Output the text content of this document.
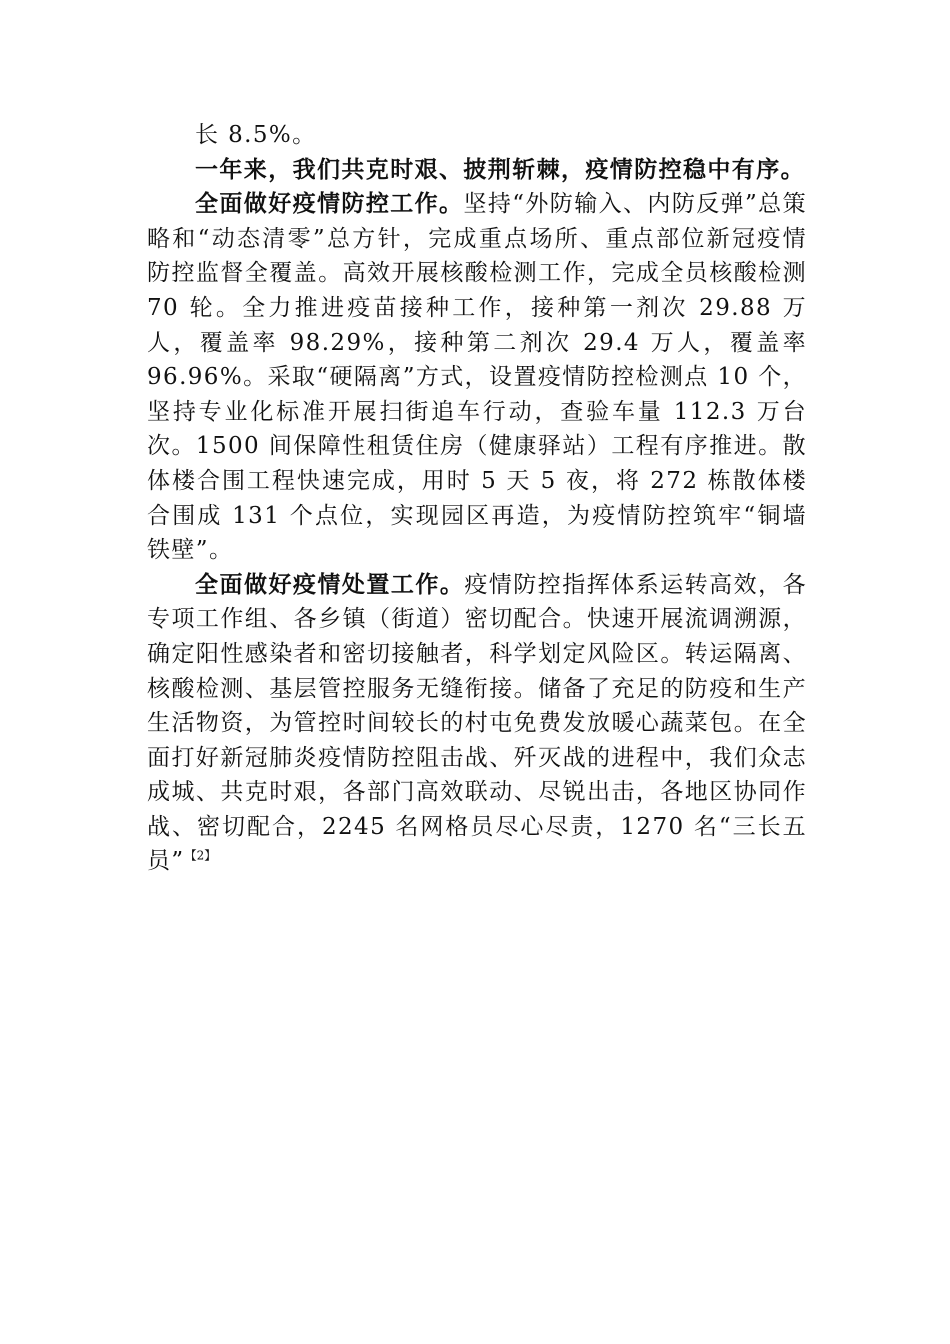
长 8.5%。

一年来，我们共克时艰、披荆斩棘，疫情防控稳中有序。

全面做好疫情防控工作。坚持“外防输入、内防反弹”总策略和“动态清零”总方针，完成重点场所、重点部位新冠疫情防控监督全覆盖。高效开展核酸检测工作，完成全员核酸检测 70 轮。全力推进疫苗接种工作，接种第一剂次 29.88 万人，覆盖率 98.29%，接种第二剂次 29.4 万人，覆盖率 96.96%。采取“硬隔离”方式，设置疫情防控检测点 10 个，坚持专业化标准开展扫街追车行动，查验车量 112.3 万台次。1500 间保障性租赁住房（健康驿站）工程有序推进。散体楼合围工程快速完成，用时 5 天 5 夜，将 272 栋散体楼合围成 131 个点位，实现园区再造，为疫情防控筑牢“铜墙铁壁”。

全面做好疫情处置工作。疫情防控指挥体系运转高效，各专项工作组、各乡镇（街道）密切配合。快速开展流调溯源，确定阳性感染者和密切接触者，科学划定风险区。转运隔离、核酸检测、基层管控服务无缝衔接。储备了充足的防疫和生产生活物资，为管控时间较长的村屯免费发放暖心蔬菜包。在全面打好新冠肺炎疫情防控阻击战、歼灭战的进程中，我们众志成城、共克时艰，各部门高效联动、尽锐出击，各地区协同作战、密切配合，2245 名网格员尽心尽责，1270 名“三长五员”$^{【2】}$
